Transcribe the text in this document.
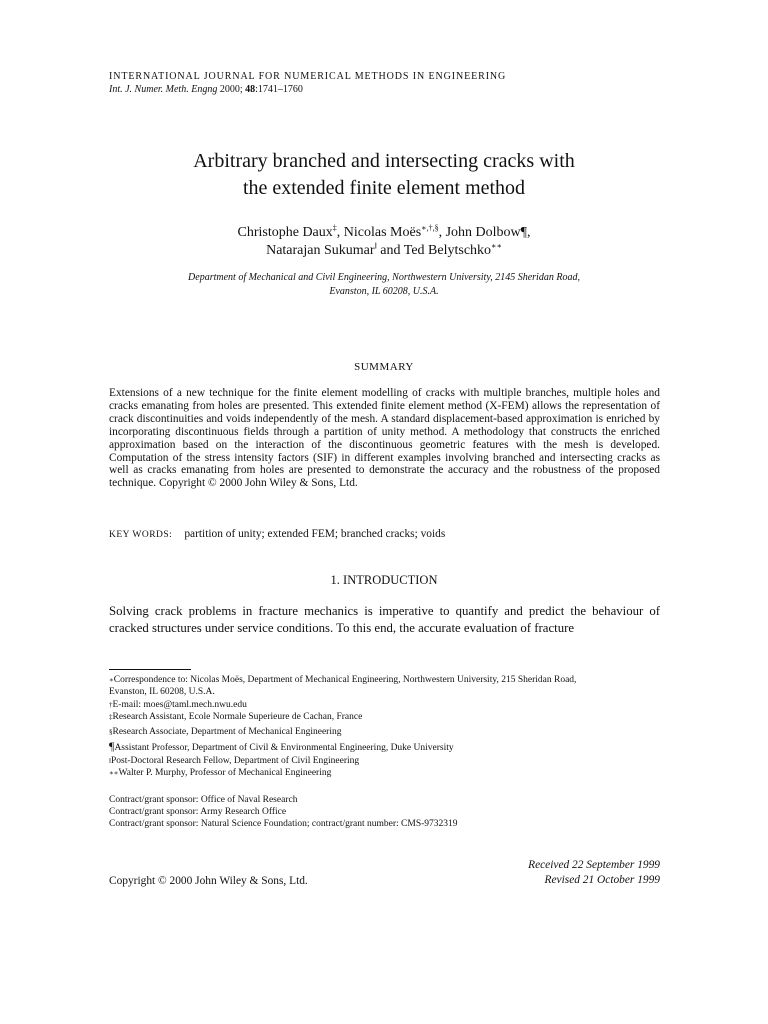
INTERNATIONAL JOURNAL FOR NUMERICAL METHODS IN ENGINEERING
Int. J. Numer. Meth. Engng 2000; 48:1741–1760
Arbitrary branched and intersecting cracks with
the extended finite element method
Christophe Daux‡, Nicolas Moës∗,†,§, John Dolbow¶,
Natarajan Sukumar‖ and Ted Belytschko∗∗
Department of Mechanical and Civil Engineering, Northwestern University, 2145 Sheridan Road,
Evanston, IL 60208, U.S.A.
SUMMARY
Extensions of a new technique for the finite element modelling of cracks with multiple branches, multiple holes and cracks emanating from holes are presented. This extended finite element method (X-FEM) allows the representation of crack discontinuities and voids independently of the mesh. A standard displacement-based approximation is enriched by incorporating discontinuous fields through a partition of unity method. A methodology that constructs the enriched approximation based on the interaction of the discontinuous geometric features with the mesh is developed. Computation of the stress intensity factors (SIF) in different examples involving branched and intersecting cracks as well as cracks emanating from holes are presented to demonstrate the accuracy and the robustness of the proposed technique. Copyright © 2000 John Wiley & Sons, Ltd.
KEY WORDS: partition of unity; extended FEM; branched cracks; voids
1. INTRODUCTION
Solving crack problems in fracture mechanics is imperative to quantify and predict the behaviour of cracked structures under service conditions. To this end, the accurate evaluation of fracture
∗Correspondence to: Nicolas Moës, Department of Mechanical Engineering, Northwestern University, 215 Sheridan Road,
Evanston, IL 60208, U.S.A.
†E-mail: moes@taml.mech.nwu.edu
‡Research Assistant, Ecole Normale Superieure de Cachan, France
§Research Associate, Department of Mechanical Engineering
¶Assistant Professor, Department of Civil & Environmental Engineering, Duke University
‖Post-Doctoral Research Fellow, Department of Civil Engineering
∗∗Walter P. Murphy, Professor of Mechanical Engineering
Contract/grant sponsor: Office of Naval Research
Contract/grant sponsor: Army Research Office
Contract/grant sponsor: Natural Science Foundation; contract/grant number: CMS-9732319
Copyright © 2000 John Wiley & Sons, Ltd.
Received 22 September 1999
Revised 21 October 1999
